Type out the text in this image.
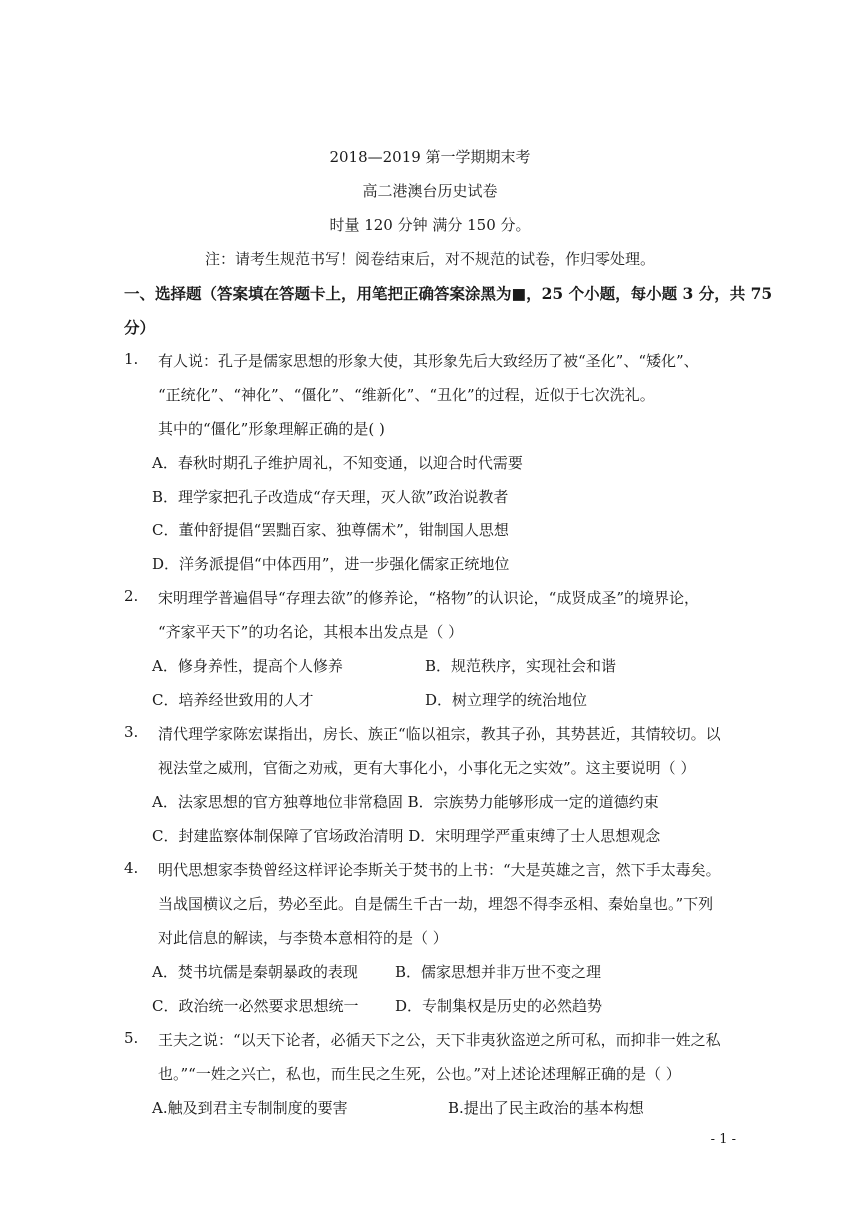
2018—2019 第一学期期末考
高二港澳台历史试卷
时量 120 分钟 满分 150 分。
注：请考生规范书写！阅卷结束后，对不规范的试卷，作归零处理。
一、选择题（答案填在答题卡上，用笔把正确答案涂黑为■，25 个小题，每小题 3 分，共 75
分）
1. 有人说：孔子是儒家思想的形象大使，其形象先后大致经历了被“圣化”、“矮化”、
“正统化”、“神化”、“僵化”、“维新化”、“丑化”的过程，近似于七次洗礼。
其中的“僵化”形象理解正确的是( )
A．春秋时期孔子维护周礼，不知变通，以迎合时代需要
B．理学家把孔子改造成“存天理，灭人欲”政治说教者
C．董仲舒提倡“罢黜百家、独尊儒术”，钳制国人思想
D．洋务派提倡“中体西用”，进一步强化儒家正统地位
2. 宋明理学普遍倡导“存理去欲”的修养论，“格物”的认识论，“成贤成圣”的境界论，
“齐家平天下”的功名论，其根本出发点是（ ）
A．修身养性，提高个人修养	B．规范秩序，实现社会和谐
C．培养经世致用的人才	D．树立理学的统治地位
3. 清代理学家陈宏谋指出，房长、族正“临以祖宗，教其子孙，其势甚近，其情较切。以
视法堂之威刑，官衙之劝戒，更有大事化小，小事化无之实效”。这主要说明（ ）
A．法家思想的官方独尊地位非常稳固 B．宗族势力能够形成一定的道德约束
C．封建监察体制保障了官场政治清明 D．宋明理学严重束缚了士人思想观念
4. 明代思想家李贽曾经这样评论李斯关于焚书的上书：“大是英雄之言，然下手太毒矣。
当战国横议之后，势必至此。自是儒生千古一劫，埋怨不得李丞相、秦始皇也。”下列
对此信息的解读，与李贽本意相符的是（ ）
A．焚书坑儒是秦朝暴政的表现 B．儒家思想并非万世不变之理
C．政治统一必然要求思想统一 D．专制集权是历史的必然趋势
5. 王夫之说：“以天下论者，必循天下之公，天下非夷狄盗逆之所可私，而抑非一姓之私
也。”“一姓之兴亡，私也，而生民之生死，公也。”对上述论述理解正确的是（ ）
A.触及到君主专制制度的要害	B.提出了民主政治的基本构想
- 1 -
